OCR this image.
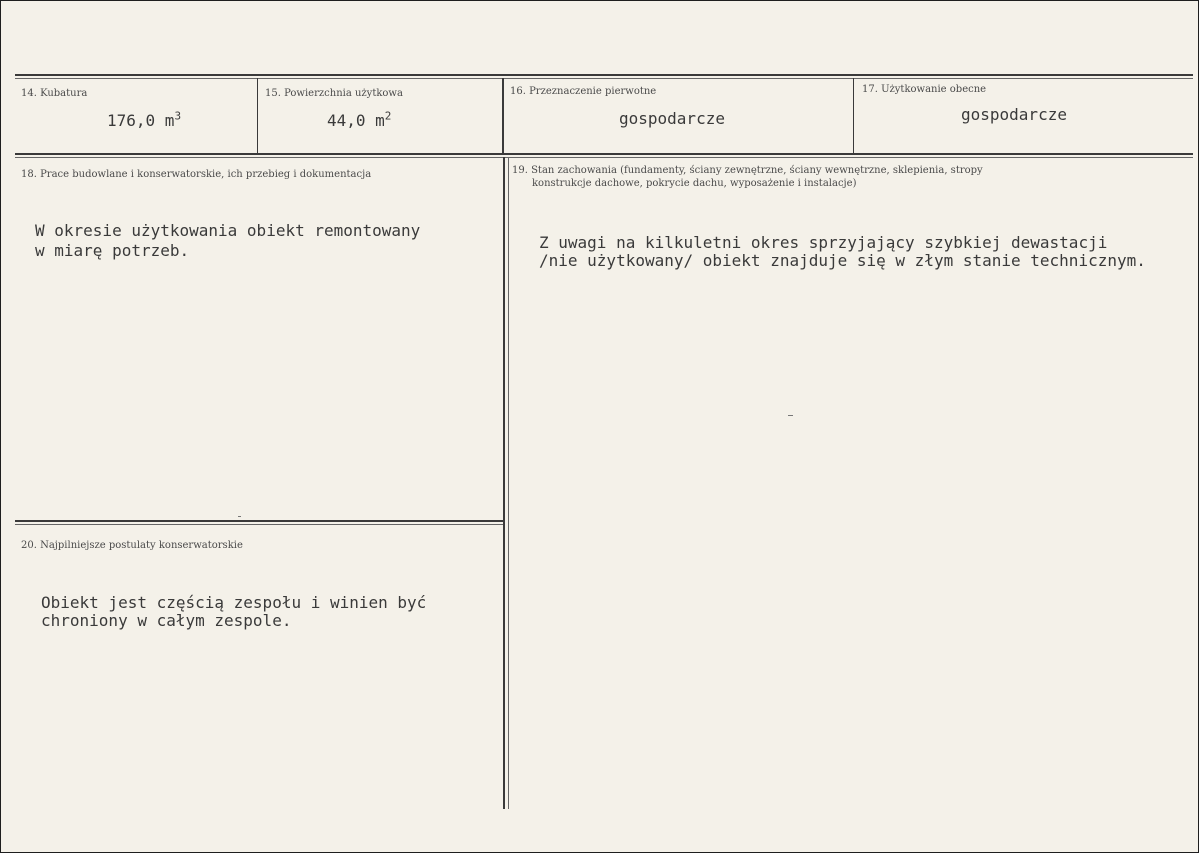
14. Kubatura
176,0 $m^3$
15. Powierzchnia użytkowa
44,0 $m^2$
16. Przeznaczenie pierwotne
gospodarcze
17. Użytkowanie obecne
gospodarcze
18. Prace budowlane i konserwatorskie, ich przebieg i dokumentacja
W okresie użytkowania obiekt remontowany
w miarę potrzeb.
19. Stan zachowania (fundamenty, ściany zewnętrzne, ściany wewnętrzne, sklepienia, stropy
konstrukcje dachowe, pokrycie dachu, wyposażenie i instalacje)
Z uwagi na kilkuletni okres sprzyjający szybkiej dewastacji
/nie użytkowany/ obiekt znajduje się w złym stanie technicznym.
20. Najpilniejsze postulaty konserwatorskie
Obiekt jest częścią zespołu i winien być
chroniony w całym zespole.
